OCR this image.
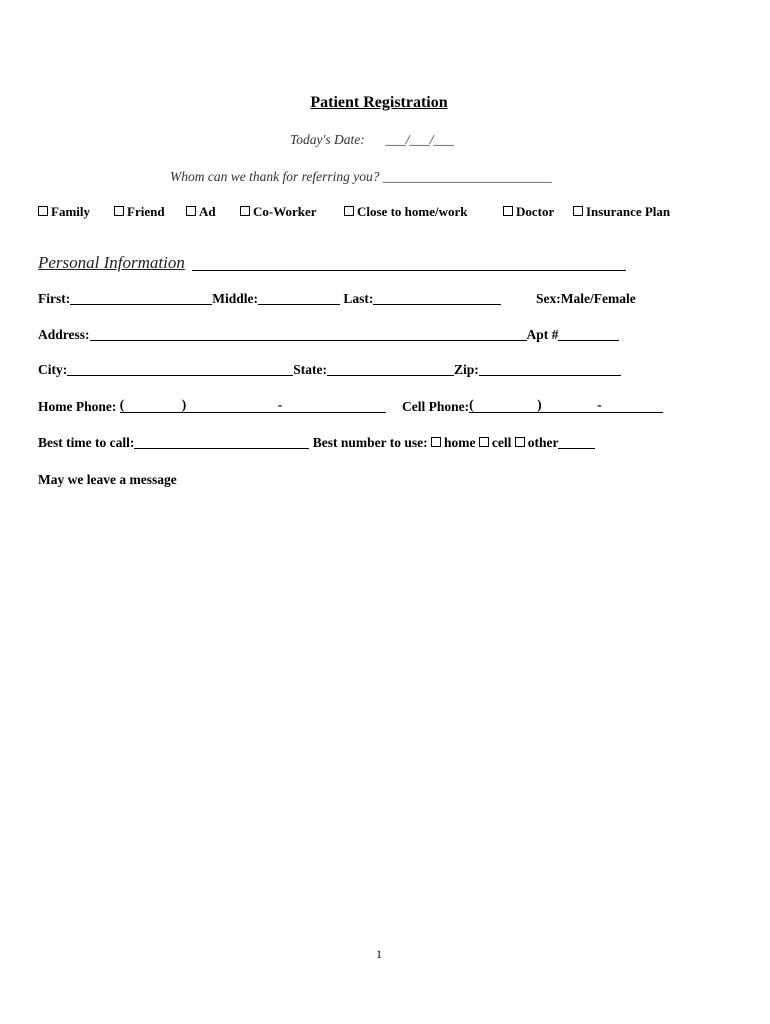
Patient Registration
Today's Date: ___/___/___
Whom can we thank for referring you? _________________________
Family	Friend	Ad	Co-Worker	Close to home/work	Doctor	Insurance Plan
Personal Information
First:	Middle:	Last:	Sex:Male/Female
Address:	Apt #
City:	State:	Zip:
Home Phone: (	)	-	Cell Phone: (	)	-
Best time to call:	Best number to use: home cell other
May we leave a message
1
